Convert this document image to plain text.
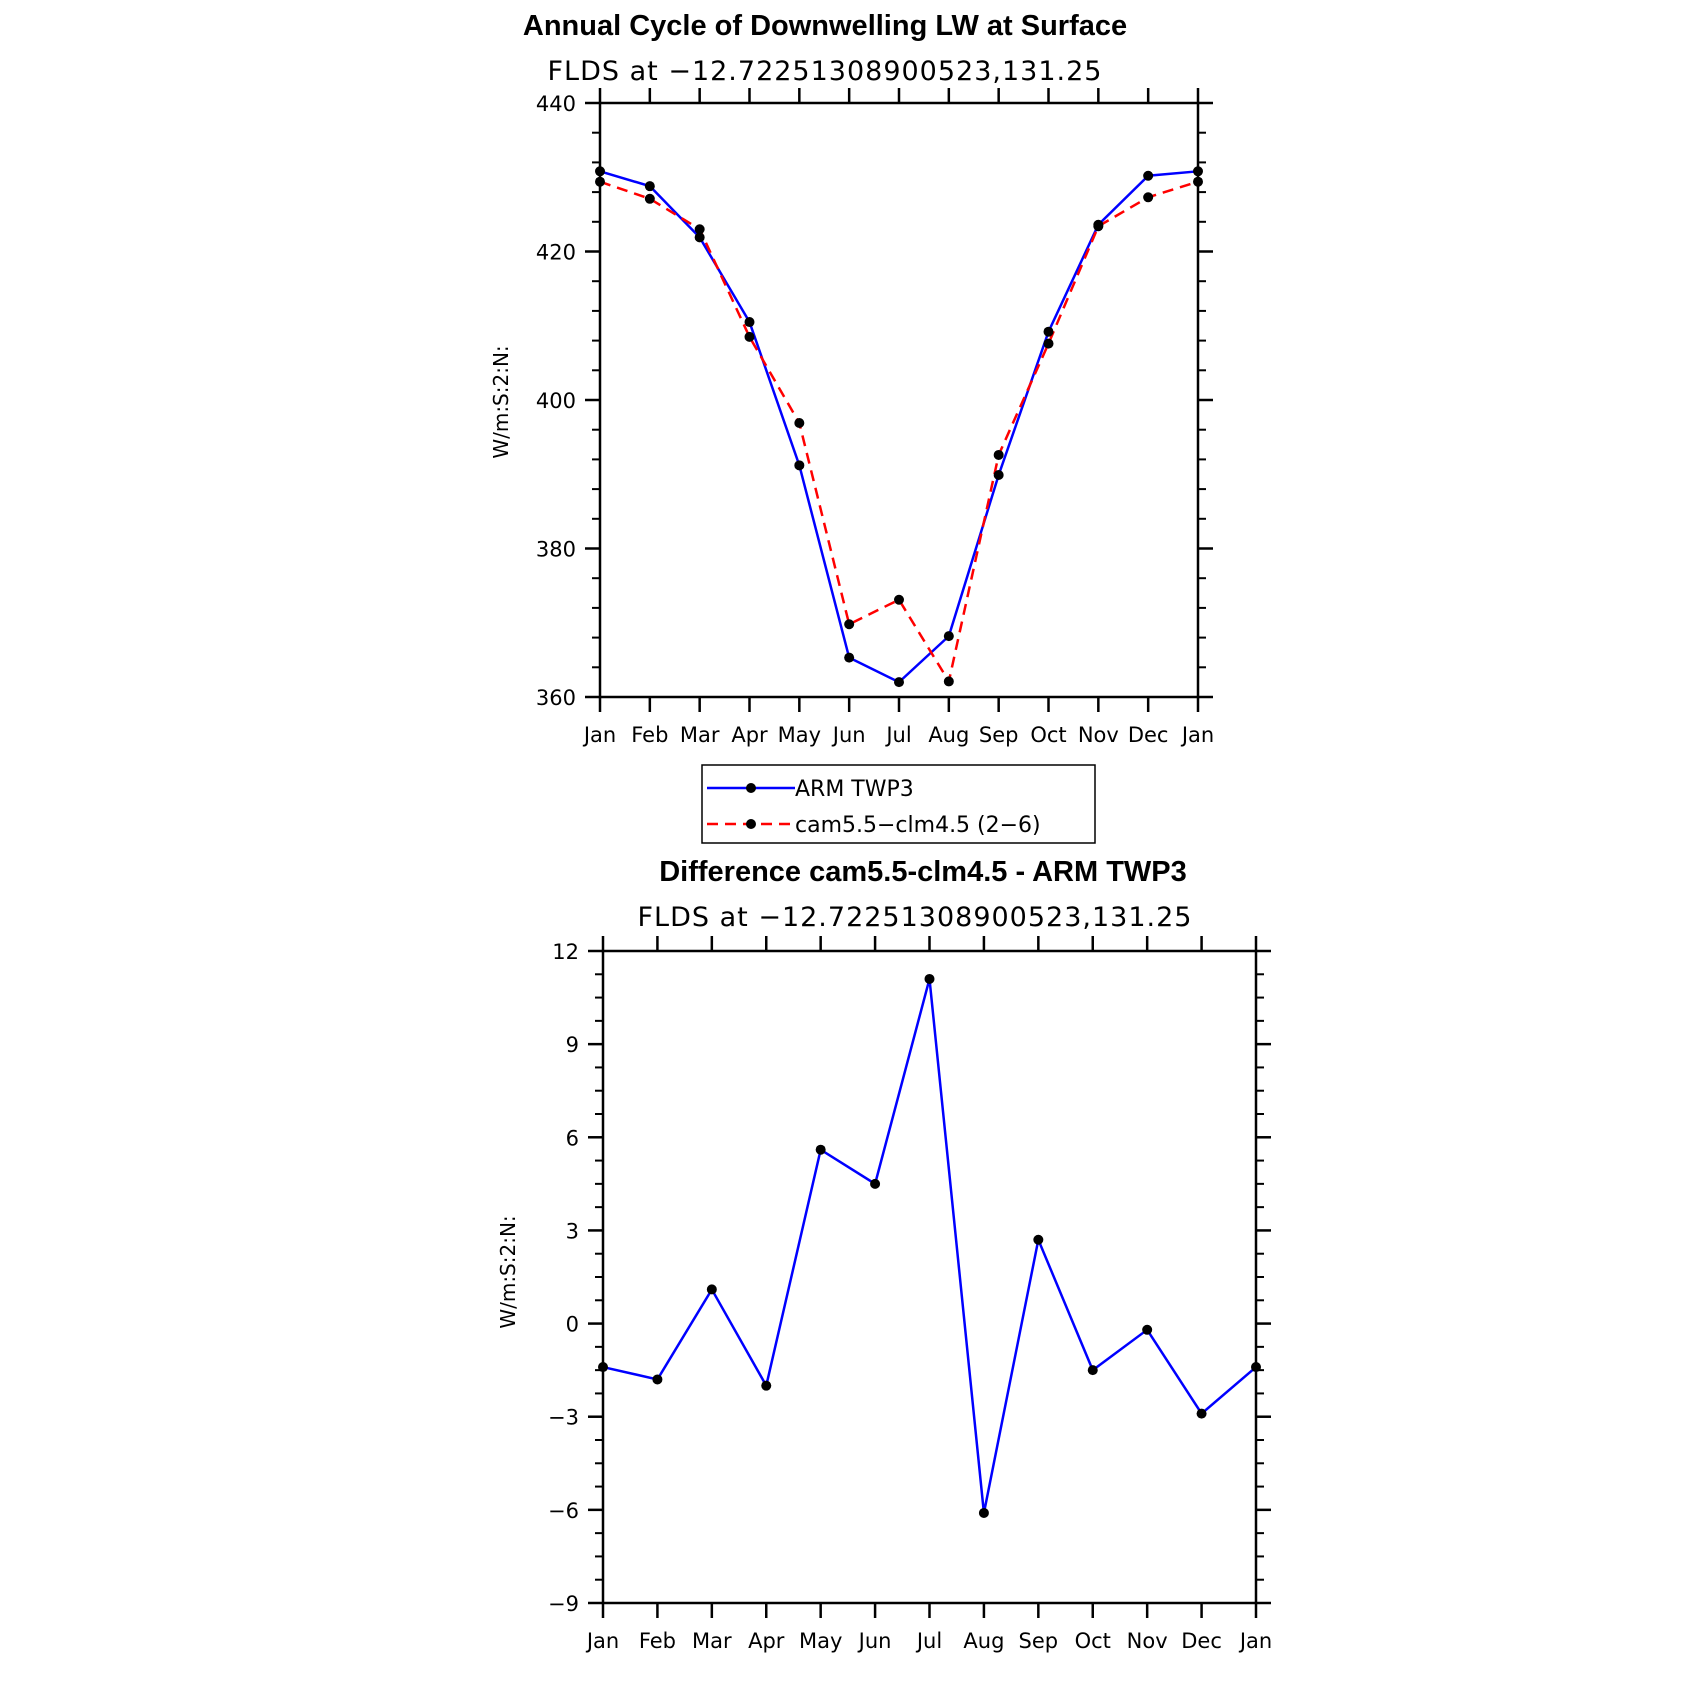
Annual Cycle of Downwelling LW at Surface
FLDS at −12.72251308900523,131.25
W/m:S:2:N:
360
380
400
420
440
Jan Feb Mar Apr May Jun Jul Aug Sep Oct Nov Dec Jan
ARM TWP3
cam5.5−clm4.5 (2−6)
Difference cam5.5-clm4.5 - ARM TWP3
FLDS at −12.72251308900523,131.25
W/m:S:2:N:
−9
−6
−3
0
3
6
9
12
Jan Feb Mar Apr May Jun Jul Aug Sep Oct Nov Dec Jan
